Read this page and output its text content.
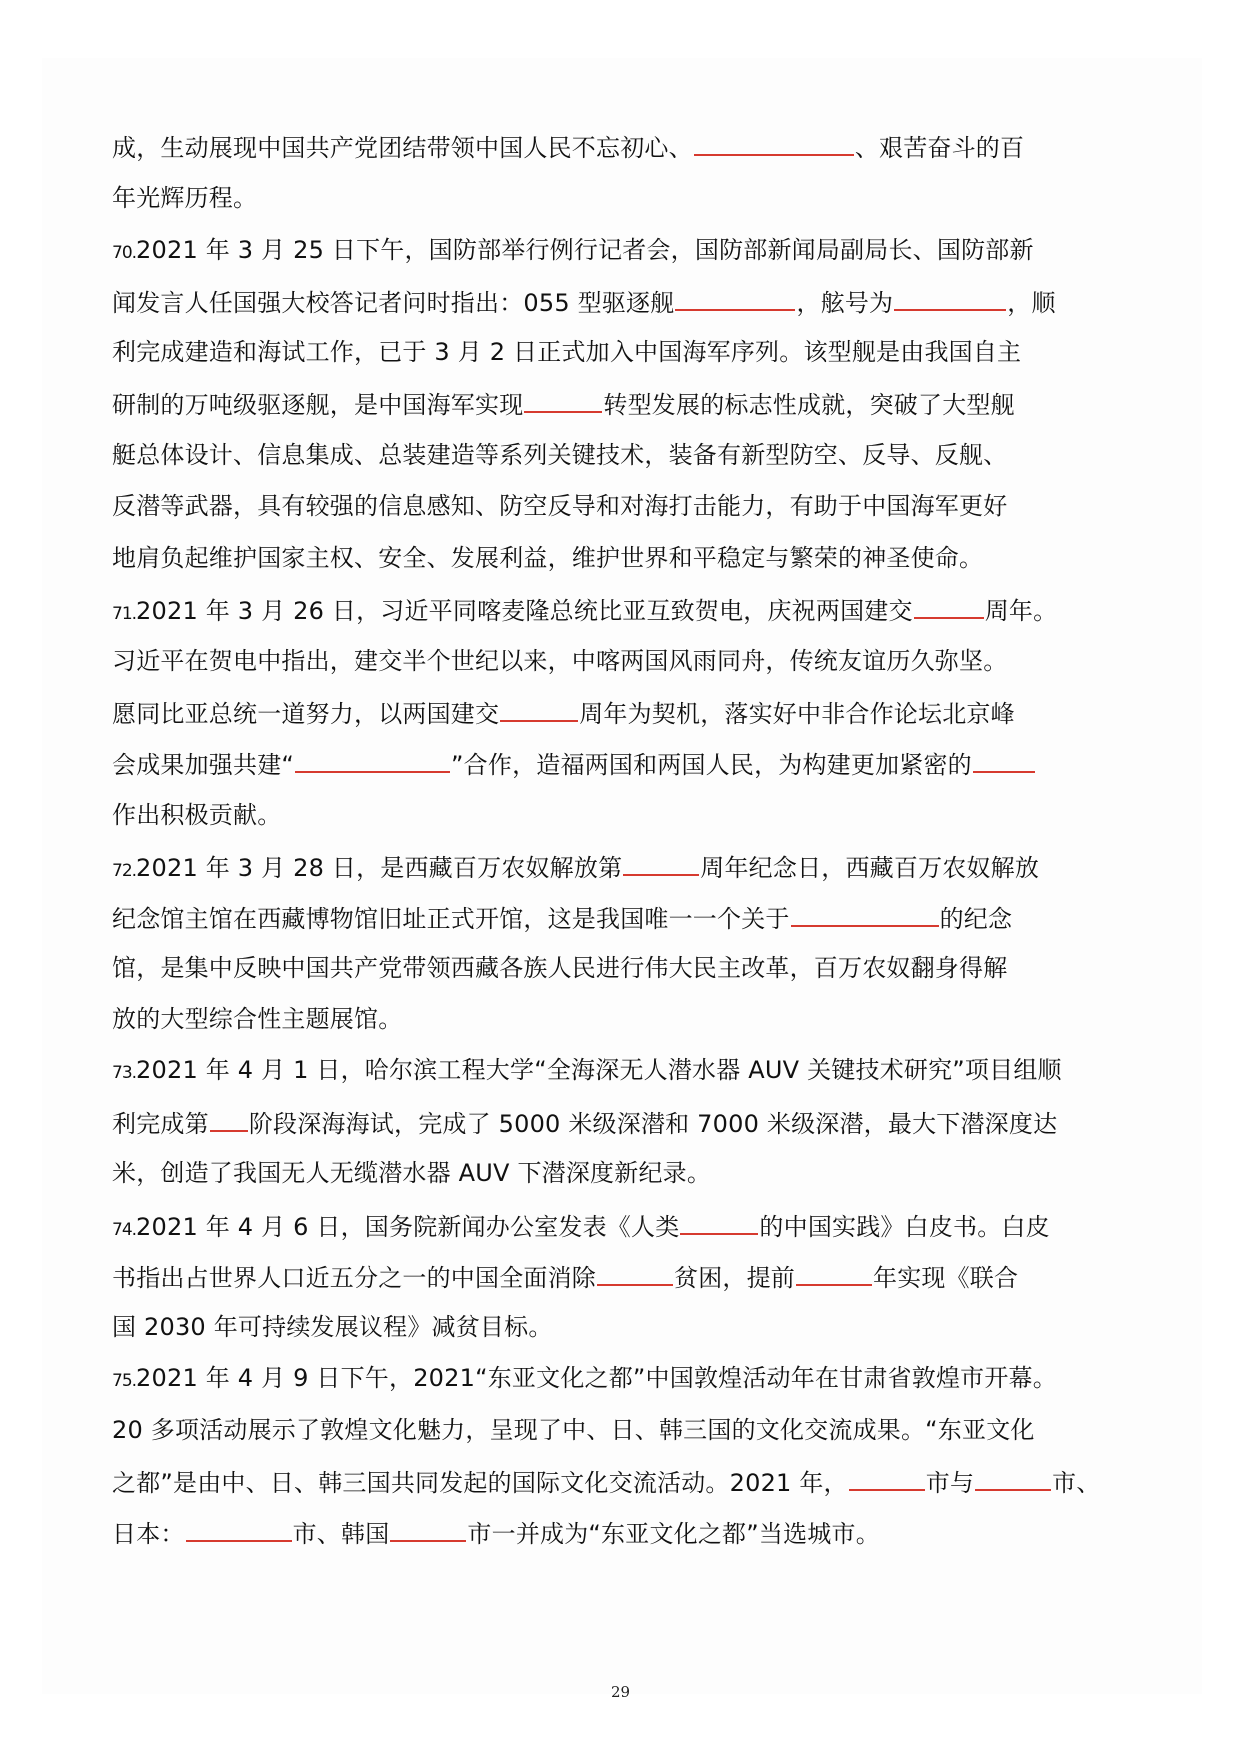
成，生动展现中国共产党团结带领中国人民不忘初心、	、艰苦奋斗的百
年光辉历程。
70.2021 年 3 月 25 日下午，国防部举行例行记者会，国防部新闻局副局长、国防部新
闻发言人任国强大校答记者问时指出：055 型驱逐舰	，舷号为	，顺
利完成建造和海试工作，已于 3 月 2 日正式加入中国海军序列。该型舰是由我国自主
研制的万吨级驱逐舰，是中国海军实现	转型发展的标志性成就，突破了大型舰
艇总体设计、信息集成、总装建造等系列关键技术，装备有新型防空、反导、反舰、
反潜等武器，具有较强的信息感知、防空反导和对海打击能力，有助于中国海军更好
地肩负起维护国家主权、安全、发展利益，维护世界和平稳定与繁荣的神圣使命。
71.2021 年 3 月 26 日，习近平同喀麦隆总统比亚互致贺电，庆祝两国建交	周年。
习近平在贺电中指出，建交半个世纪以来，中喀两国风雨同舟，传统友谊历久弥坚。
愿同比亚总统一道努力，以两国建交	周年为契机，落实好中非合作论坛北京峰
会成果加强共建“	”合作，造福两国和两国人民，为构建更加紧密的
作出积极贡献。
72.2021 年 3 月 28 日，是西藏百万农奴解放第	周年纪念日，西藏百万农奴解放
纪念馆主馆在西藏博物馆旧址正式开馆，这是我国唯一一个关于	的纪念
馆，是集中反映中国共产党带领西藏各族人民进行伟大民主改革，百万农奴翻身得解
放的大型综合性主题展馆。
73.2021 年 4 月 1 日，哈尔滨工程大学“全海深无人潜水器 AUV 关键技术研究”项目组顺
利完成第 阶段深海海试，完成了 5000 米级深潜和 7000 米级深潜，最大下潜深度达
米，创造了我国无人无缆潜水器 AUV 下潜深度新纪录。
74.2021 年 4 月 6 日，国务院新闻办公室发表《人类	的中国实践》白皮书。白皮
书指出占世界人口近五分之一的中国全面消除	贫困，提前	年实现《联合
国 2030 年可持续发展议程》减贫目标。
75.2021 年 4 月 9 日下午，2021“东亚文化之都”中国敦煌活动年在甘肃省敦煌市开幕。
20 多项活动展示了敦煌文化魅力，呈现了中、日、韩三国的文化交流成果。“东亚文化
之都”是由中、日、韩三国共同发起的国际文化交流活动。2021 年，	市与	市、
日本：	市、韩国	市一并成为“东亚文化之都”当选城市。
29
